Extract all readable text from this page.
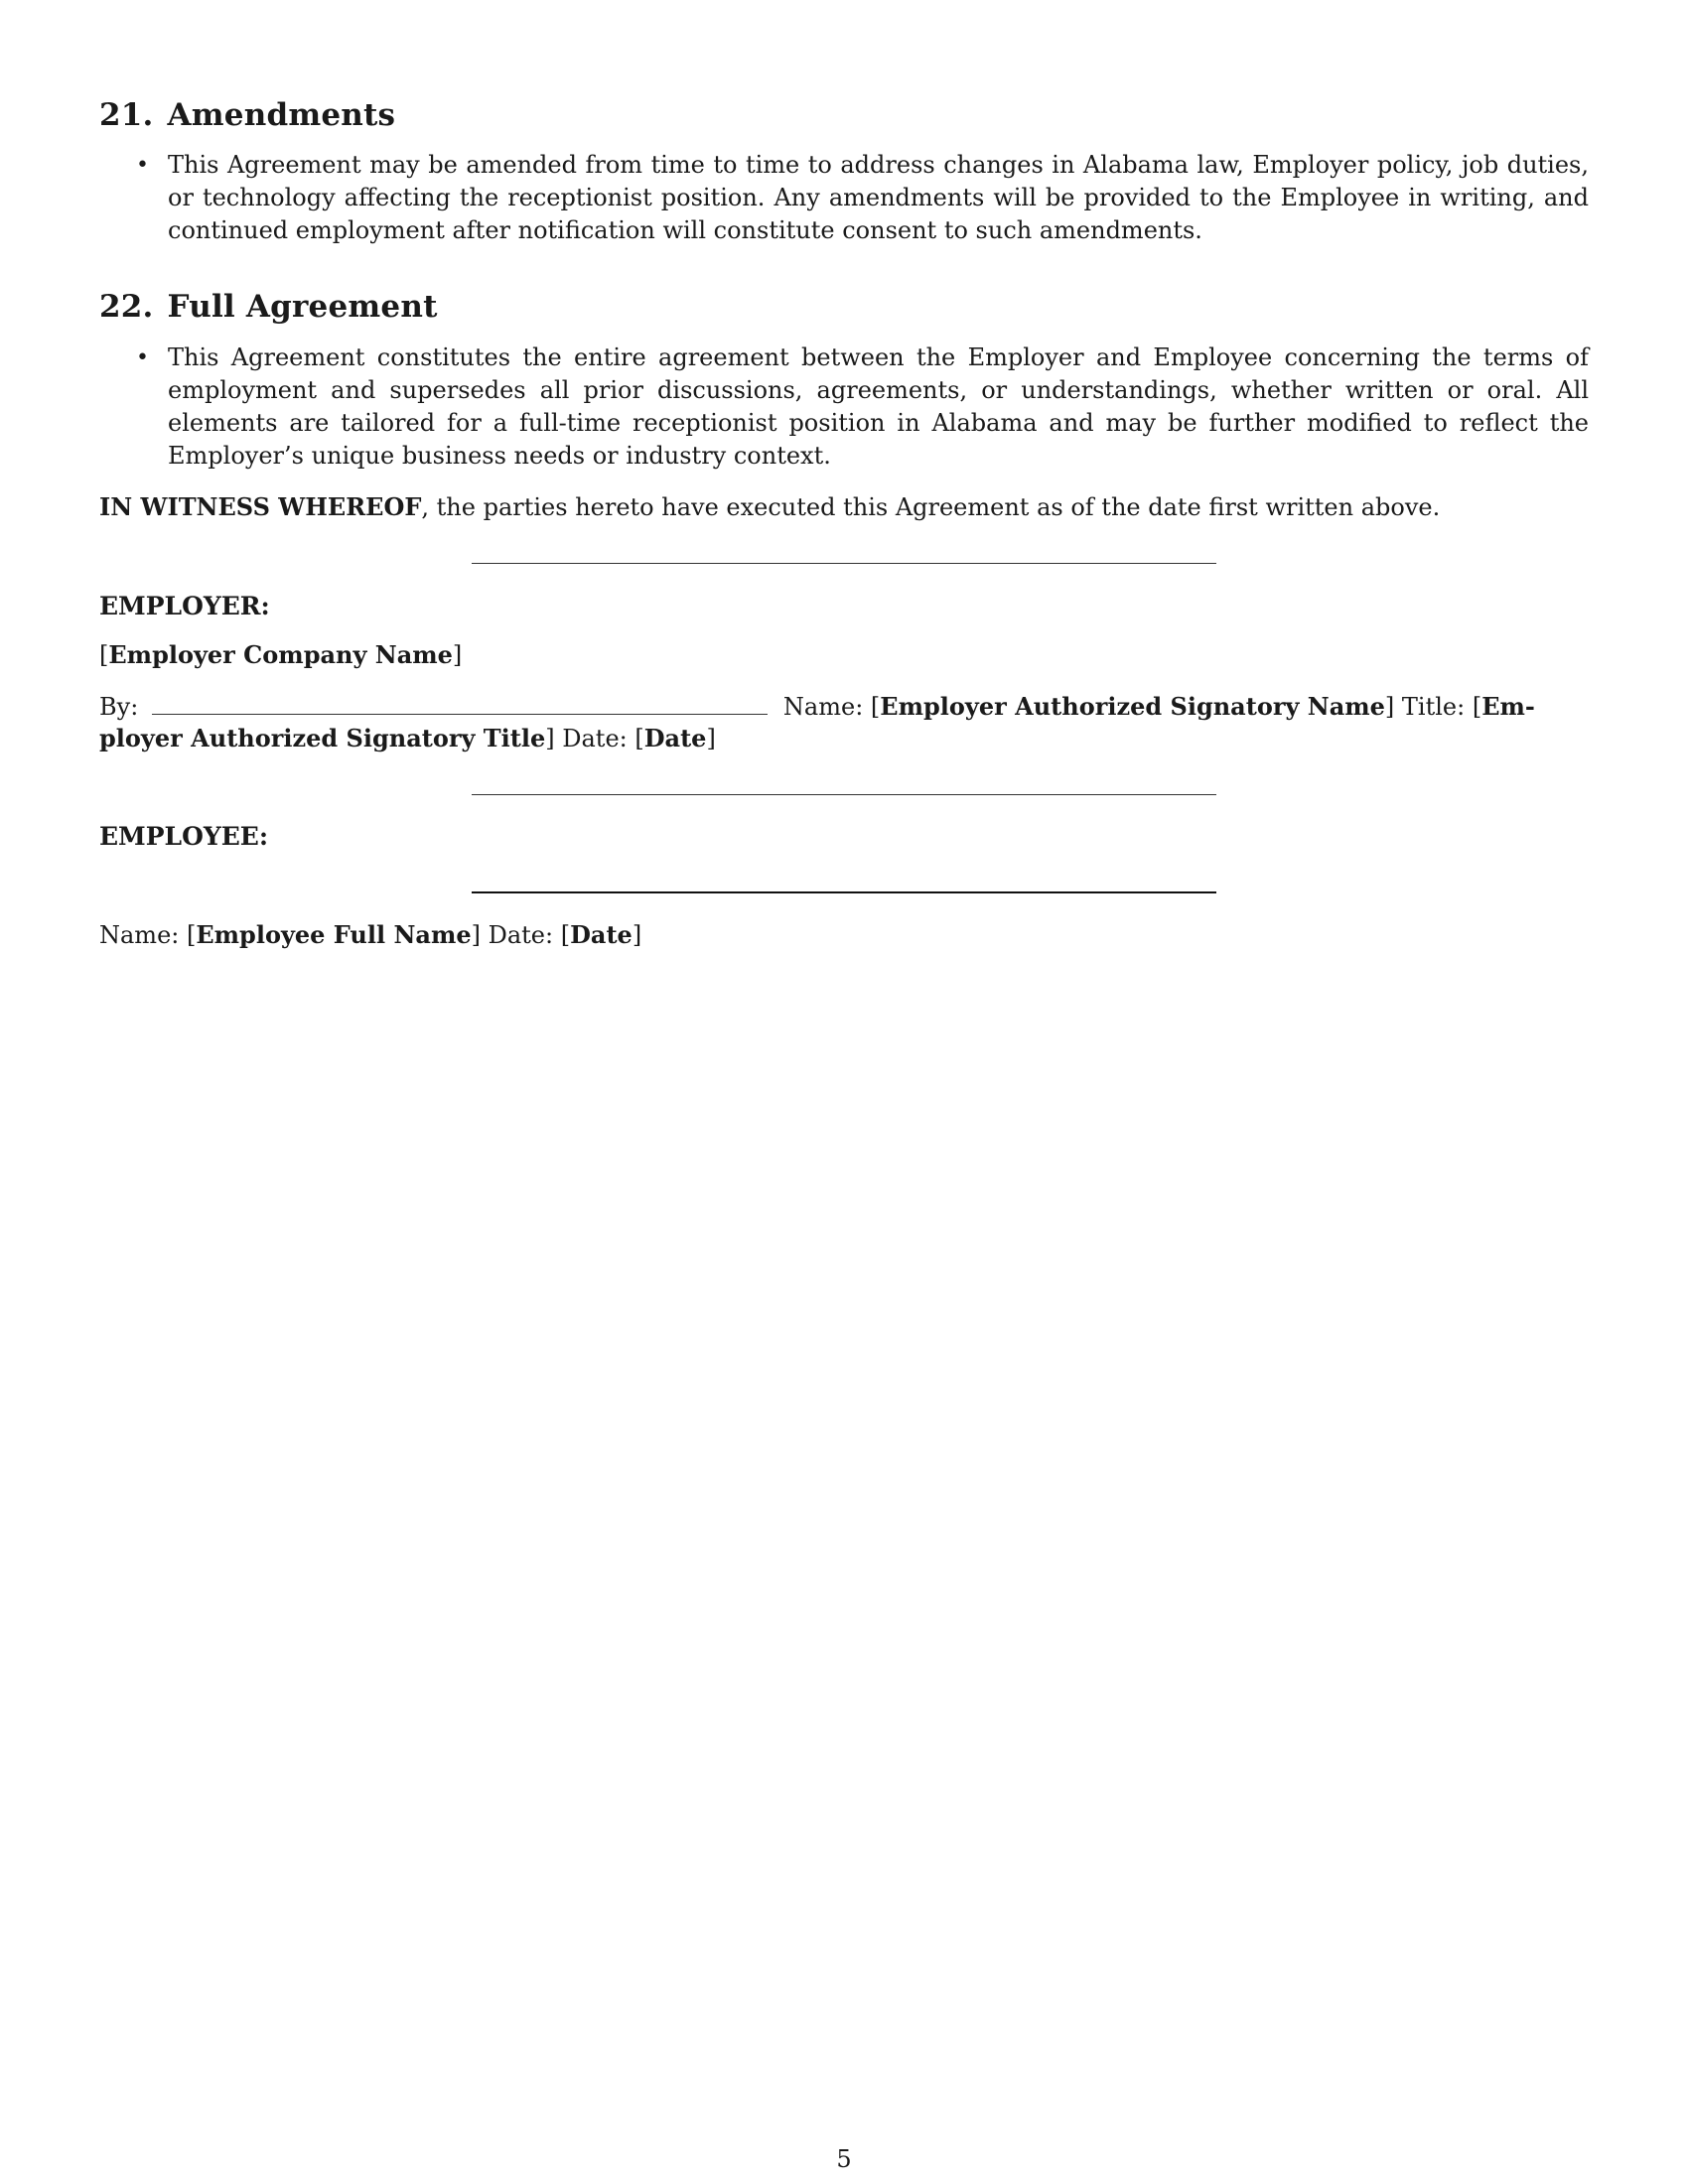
21. Amendments
• This Agreement may be amended from time to time to address changes in Alabama law, Employer policy, job duties, or technology affecting the receptionist position. Any amendments will be provided to the Employee in writing, and continued employment after notification will constitute consent to such amendments.
22. Full Agreement
• This Agreement constitutes the entire agreement between the Employer and Employee concerning the terms of employment and supersedes all prior discussions, agreements, or understandings, whether written or oral. All elements are tailored for a full-time receptionist position in Alabama and may be further modified to reflect the Employer’s unique business needs or industry context.
IN WITNESS WHEREOF, the parties hereto have executed this Agreement as of the date first written above.
EMPLOYER:
[Employer Company Name]
By:	Name: [Employer Authorized Signatory Name] Title: [Em-
ployer Authorized Signatory Title] Date: [Date]
EMPLOYEE:
Name: [Employee Full Name] Date: [Date]
5
